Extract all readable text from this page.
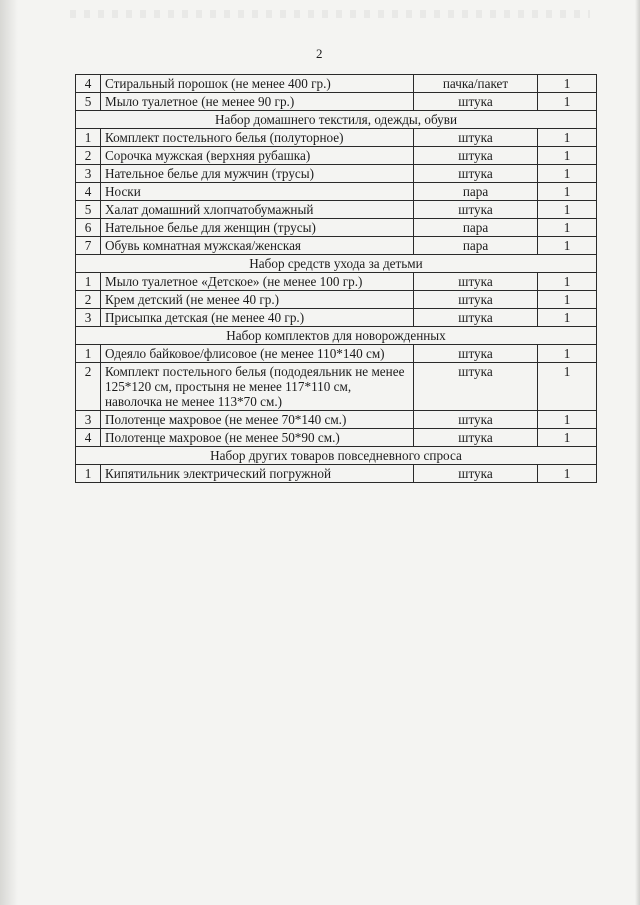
2
4	Стиральный порошок (не менее 400 гр.)	пачка/пакет	1
5	Мыло туалетное (не менее 90 гр.)	штука	1
Набор домашнего текстиля, одежды, обуви			
1	Комплект постельного белья (полуторное)	штука	1
2	Сорочка мужская (верхняя рубашка)	штука	1
3	Нательное белье для мужчин (трусы)	штука	1
4	Носки	пара	1
5	Халат домашний хлопчатобумажный	штука	1
6	Нательное белье для женщин (трусы)	пара	1
7	Обувь комнатная мужская/женская	пара	1
Набор средств ухода за детьми			
1	Мыло туалетное «Детское» (не менее 100 гр.)	штука	1
2	Крем детский (не менее 40 гр.)	штука	1
3	Присыпка детская (не менее 40 гр.)	штука	1
Набор комплектов для новорожденных			
1	Одеяло байковое/флисовое (не менее 110*140 см)	штука	1
2	Комплект постельного белья (пододеяльник не менее 125*120 см, простыня не менее 117*110 см, наволочка не менее 113*70 см.)	штука	1
3	Полотенце махровое (не менее 70*140 см.)	штука	1
4	Полотенце махровое (не менее 50*90 см.)	штука	1
Набор других товаров повседневного спроса			
1	Кипятильник электрический погружной	штука	1
